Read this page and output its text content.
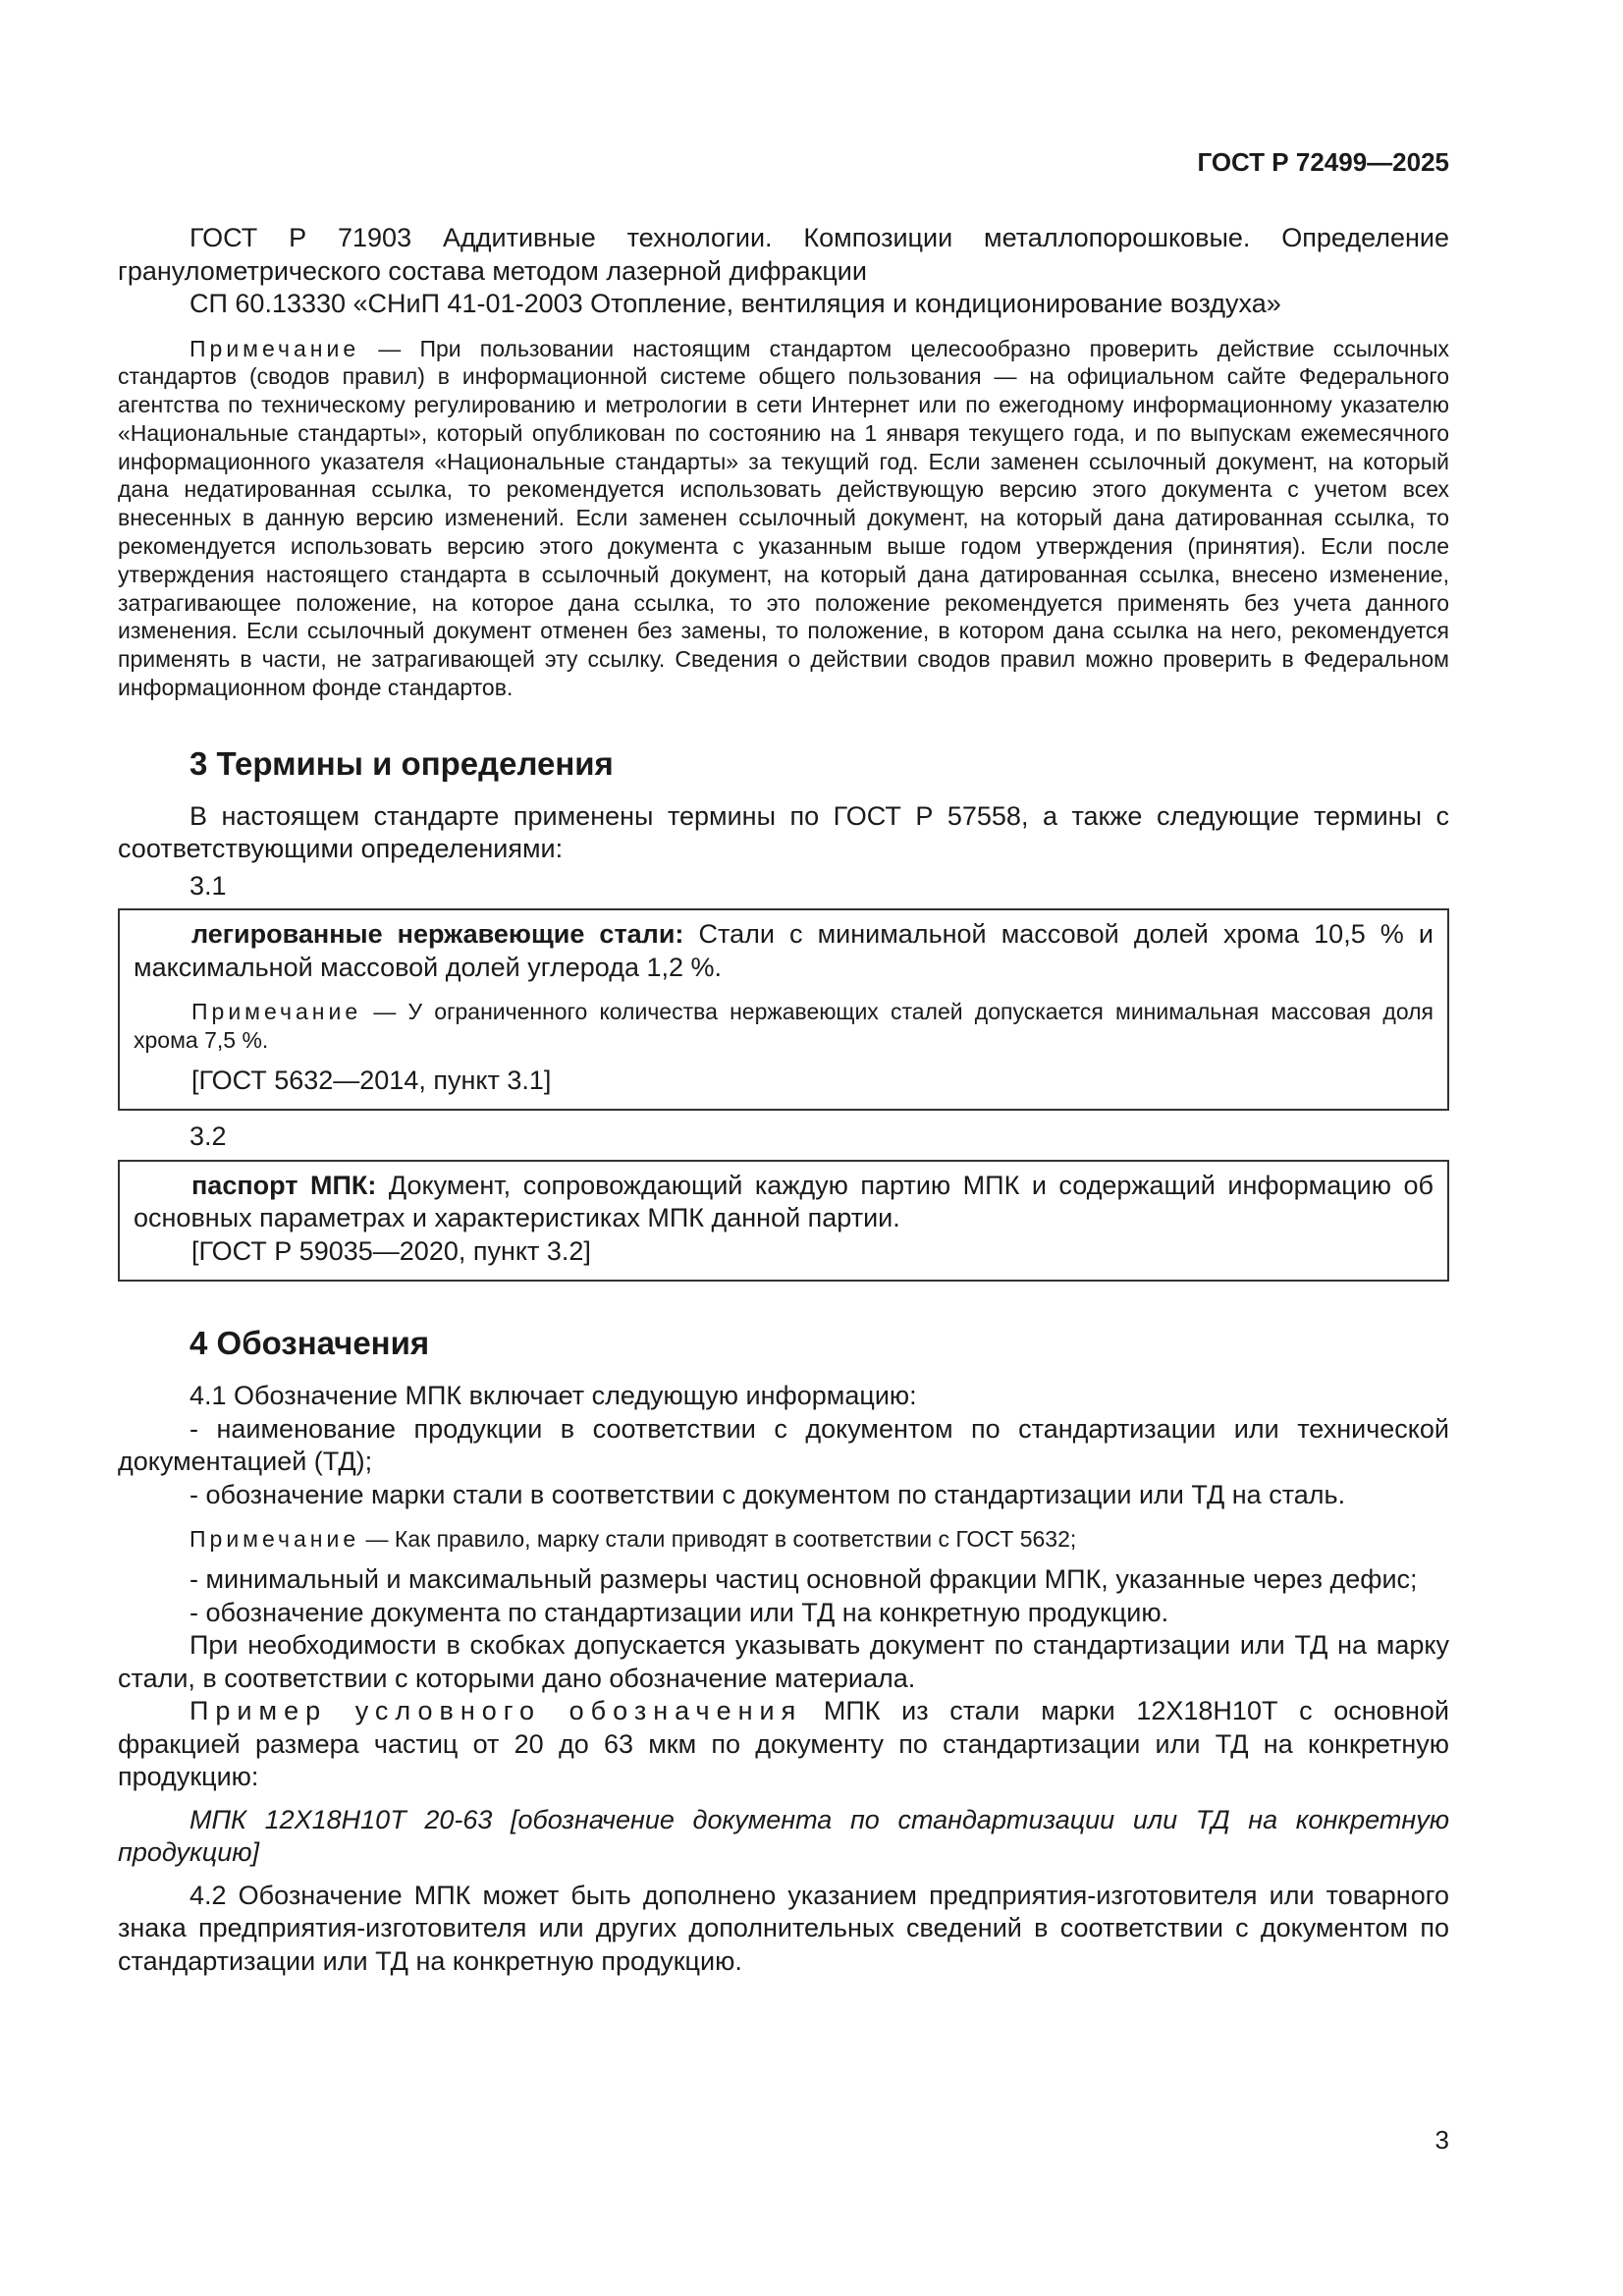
ГОСТ Р 72499—2025

ГОСТ Р 71903 Аддитивные технологии. Композиции металлопорошковые. Определение гранулометрического состава методом лазерной дифракции

СП 60.13330 «СНиП 41-01-2003 Отопление, вентиляция и кондиционирование воздуха»

Примечание — При пользовании настоящим стандартом целесообразно проверить действие ссылочных стандартов (сводов правил) в информационной системе общего пользования — на официальном сайте Федерального агентства по техническому регулированию и метрологии в сети Интернет или по ежегодному информационному указателю «Национальные стандарты», который опубликован по состоянию на 1 января текущего года, и по выпускам ежемесячного информационного указателя «Национальные стандарты» за текущий год. Если заменен ссылочный документ, на который дана недатированная ссылка, то рекомендуется использовать действующую версию этого документа с учетом всех внесенных в данную версию изменений. Если заменен ссылочный документ, на который дана датированная ссылка, то рекомендуется использовать версию этого документа с указанным выше годом утверждения (принятия). Если после утверждения настоящего стандарта в ссылочный документ, на который дана датированная ссылка, внесено изменение, затрагивающее положение, на которое дана ссылка, то это положение рекомендуется применять без учета данного изменения. Если ссылочный документ отменен без замены, то положение, в котором дана ссылка на него, рекомендуется применять в части, не затрагивающей эту ссылку. Сведения о действии сводов правил можно проверить в Федеральном информационном фонде стандартов.

3 Термины и определения

В настоящем стандарте применены термины по ГОСТ Р 57558, а также следующие термины с соответствующими определениями:

3.1

легированные нержавеющие стали: Стали с минимальной массовой долей хрома 10,5 % и максимальной массовой долей углерода 1,2 %.

Примечание — У ограниченного количества нержавеющих сталей допускается минимальная массовая доля хрома 7,5 %.

[ГОСТ 5632—2014, пункт 3.1]

3.2

паспорт МПК: Документ, сопровождающий каждую партию МПК и содержащий информацию об основных параметрах и характеристиках МПК данной партии.

[ГОСТ Р 59035—2020, пункт 3.2]

4 Обозначения

4.1 Обозначение МПК включает следующую информацию:

- наименование продукции в соответствии с документом по стандартизации или технической документацией (ТД);

- обозначение марки стали в соответствии с документом по стандартизации или ТД на сталь.

Примечание — Как правило, марку стали приводят в соответствии с ГОСТ 5632;

- минимальный и максимальный размеры частиц основной фракции МПК, указанные через дефис;

- обозначение документа по стандартизации или ТД на конкретную продукцию.

При необходимости в скобках допускается указывать документ по стандартизации или ТД на марку стали, в соответствии с которыми дано обозначение материала.

Пример условного обозначения МПК из стали марки 12Х18Н10Т с основной фракцией размера частиц от 20 до 63 мкм по документу по стандартизации или ТД на конкретную продукцию:

МПК 12Х18Н10Т 20-63 [обозначение документа по стандартизации или ТД на конкретную продукцию]

4.2 Обозначение МПК может быть дополнено указанием предприятия-изготовителя или товарного знака предприятия-изготовителя или других дополнительных сведений в соответствии с документом по стандартизации или ТД на конкретную продукцию.

3
